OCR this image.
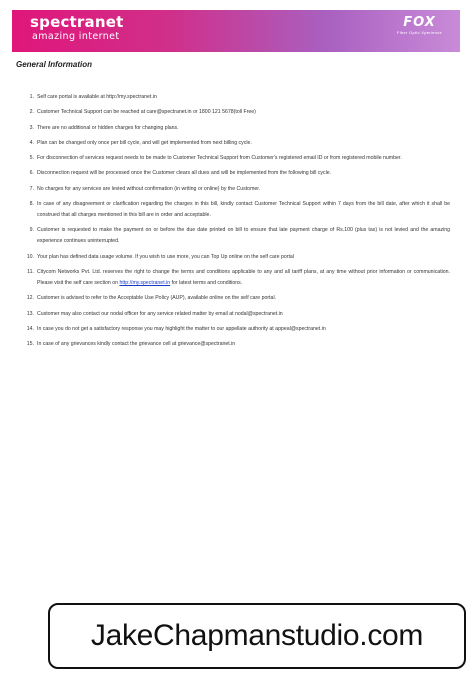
spectranet
amazing internet
FOX
Fiber Optic Xperience
General Information
1. Self care portal is available at http://my.spectranet.in
2. Customer Technical Support can be reached at care@spectranet.in or 1800 121 5678(toll Free)
3. There are no additional or hidden charges for changing plans.
4. Plan can be changed only once per bill cycle, and will get implemented from next billing cycle.
5. For disconnection of services request needs to be made to Customer Technical Support from Customer's registered email ID or from registered mobile number.
6. Disconnection request will be processed once the Customer clears all dues and will be implemented from the following bill cycle.
7. No charges for any services are levied without confirmation (in writing or online) by the Customer.
8. In case of any disagreement or clarification regarding the charges in this bill, kindly contact Customer Technical Support within 7 days from the bill date, after which it shall be construed that all charges mentioned in this bill are in order and acceptable.
9. Customer is requested to make the payment on or before the due date printed on bill to ensure that late payment charge of Rs.100 (plus tax) is not levied and the amazing experience continues uninterrupted.
10. Your plan has defined data usage volume. If you wish to use more, you can Top Up online on the self care portal
11. Citycom Networks Pvt. Ltd. reserves the right to change the terms and conditions applicable to any and all tariff plans, at any time without prior information or communication. Please visit the self care section on http://my.spectranet.in for latest terms and conditions.
12. Customer is advised to refer to the Acceptable Use Policy (AUP), available online on the self care portal.
13. Customer may also contact our nodal officer for any service related matter by email at nodal@spectranet.in
14. In case you do not get a satisfactory response you may highlight the matter to our appellate authority at appeal@spectranet.in
15. In case of any grievances kindly contact the grievance cell at grievance@spectranet.in
JakeChapmanstudio.com
